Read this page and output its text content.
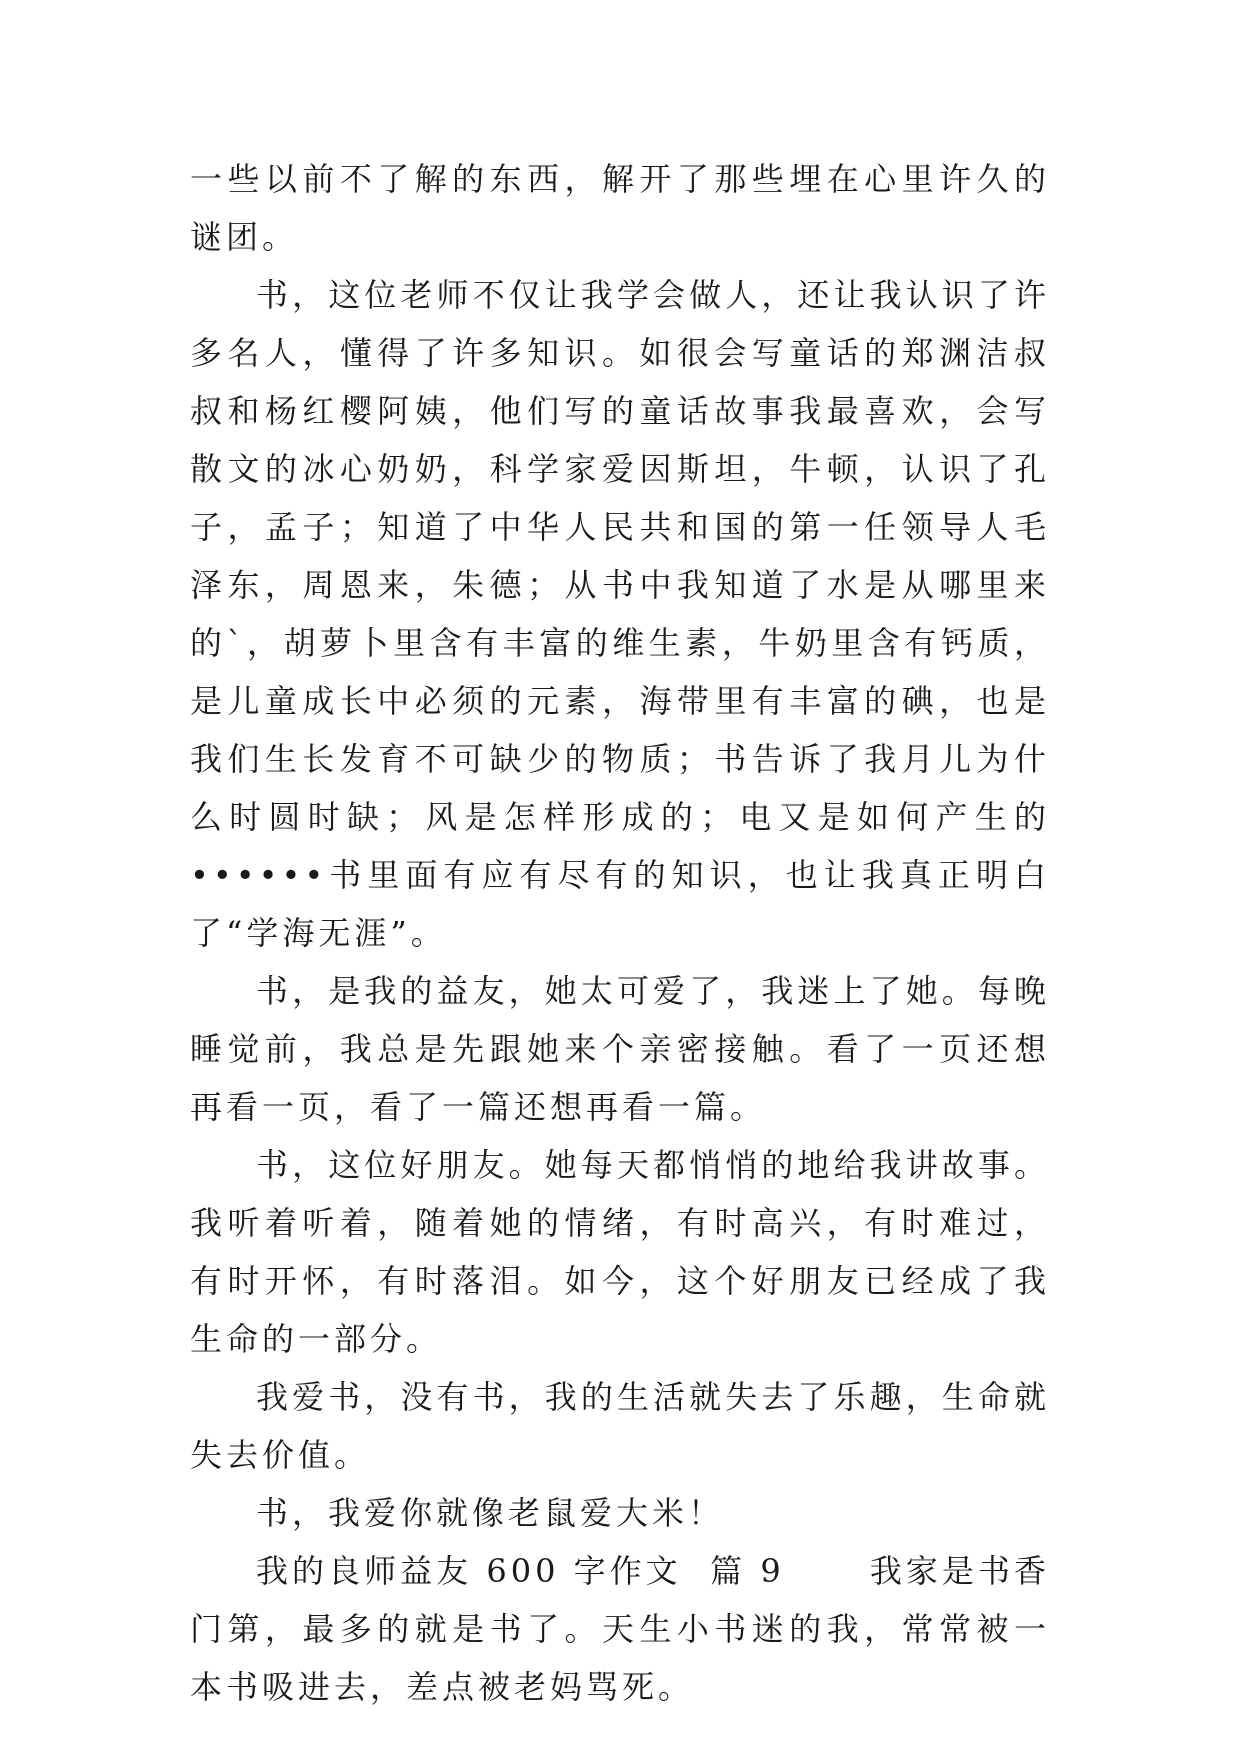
一些以前不了解的东西，解开了那些埋在心里许久的谜团。

书，这位老师不仅让我学会做人，还让我认识了许多名人，懂得了许多知识。如很会写童话的郑渊洁叔叔和杨红樱阿姨，他们写的童话故事我最喜欢，会写散文的冰心奶奶，科学家爱因斯坦，牛顿，认识了孔子，孟子；知道了中华人民共和国的第一任领导人毛泽东，周恩来，朱德；从书中我知道了水是从哪里来的`，胡萝卜里含有丰富的维生素，牛奶里含有钙质，是儿童成长中必须的元素，海带里有丰富的碘，也是我们生长发育不可缺少的物质；书告诉了我月儿为什么时圆时缺；风是怎样形成的；电又是如何产生的••••••书里面有应有尽有的知识，也让我真正明白了“学海无涯”。

书，是我的益友，她太可爱了，我迷上了她。每晚睡觉前，我总是先跟她来个亲密接触。看了一页还想再看一页，看了一篇还想再看一篇。

书，这位好朋友。她每天都悄悄的地给我讲故事。我听着听着，随着她的情绪，有时高兴，有时难过，有时开怀，有时落泪。如今，这个好朋友已经成了我生命的一部分。

我爱书，没有书，我的生活就失去了乐趣，生命就失去价值。

书，我爱你就像老鼠爱大米！

我的良师益友 600 字作文  篇 9      我家是书香门第，最多的就是书了。天生小书迷的我，常常被一本书吸进去，差点被老妈骂死。
